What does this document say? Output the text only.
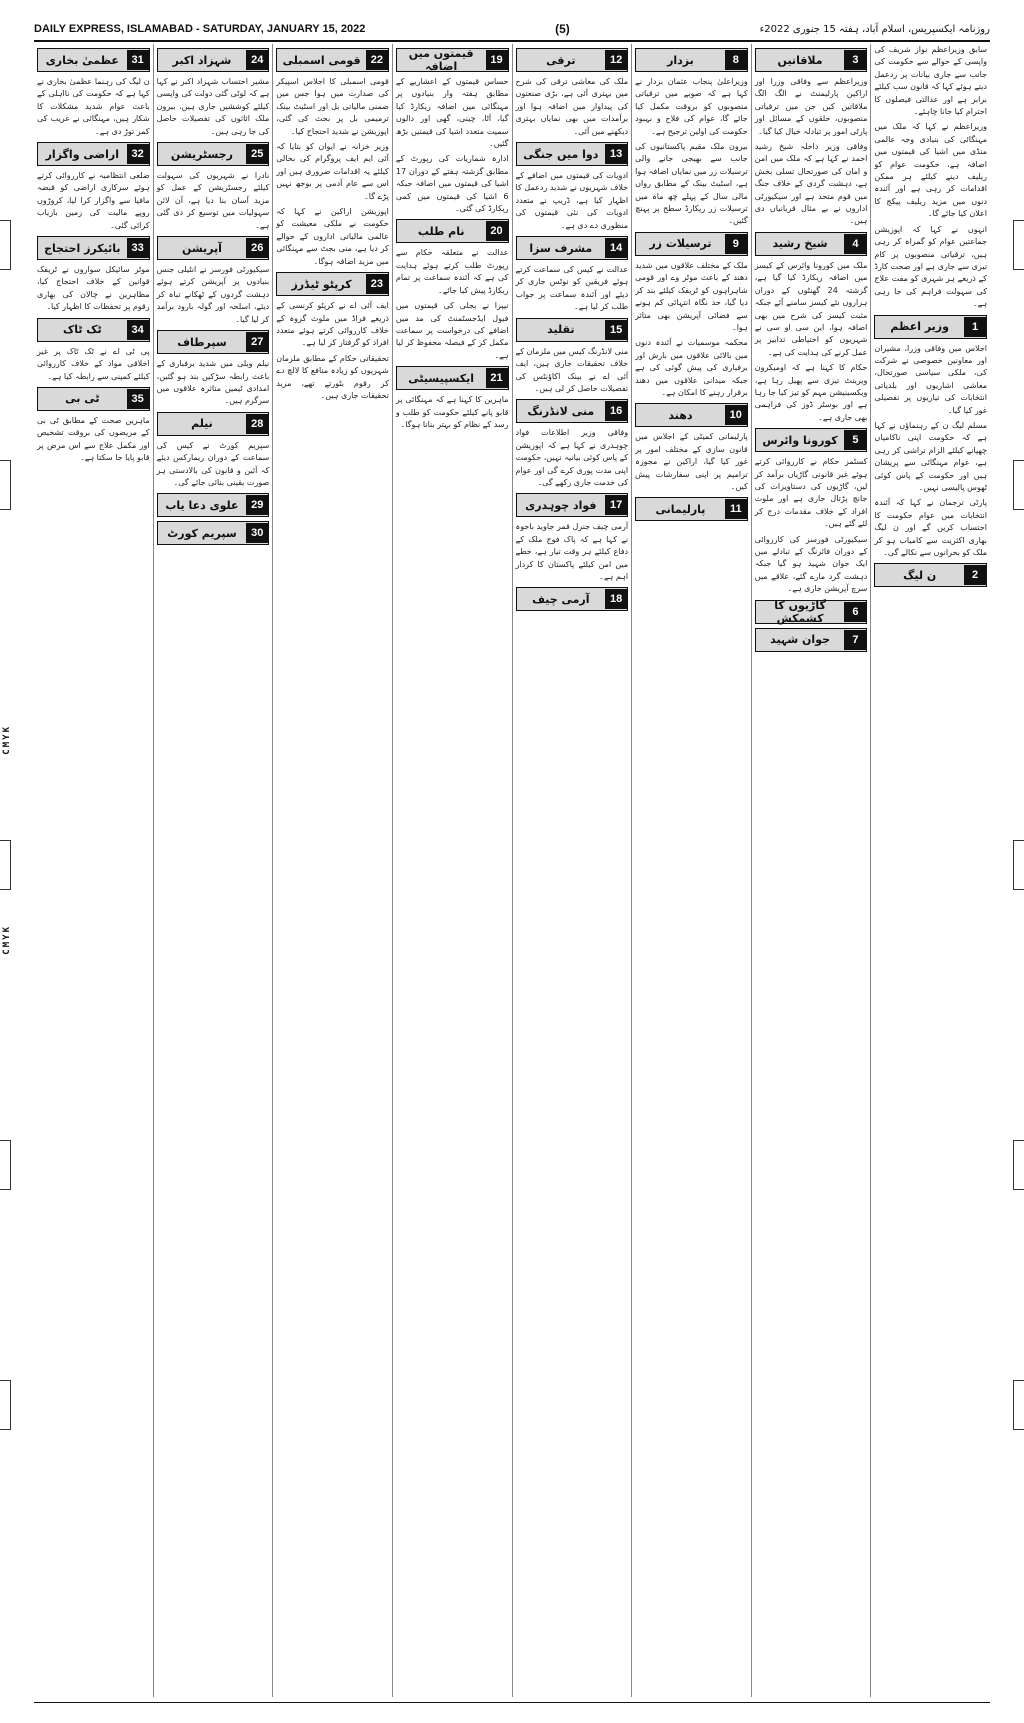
CMYK
CMYK
DAILY EXPRESS, ISLAMABAD - SATURDAY, JANUARY 15, 2022	(5)	روزنامہ ایکسپریس، اسلام آباد، ہفتہ 15 جنوری 2022ء

سابق وزیراعظم نواز شریف کی واپسی کے حوالے سے حکومت کی جانب سے جاری بیانات پر ردعمل دیتے ہوئے کہا کہ قانون سب کیلئے برابر ہے اور عدالتی فیصلوں کا احترام کیا جانا چاہئے۔

وزیراعظم نے کہا کہ ملک میں مہنگائی کی بنیادی وجہ عالمی منڈی میں اشیا کی قیمتوں میں اضافہ ہے، حکومت عوام کو ریلیف دینے کیلئے ہر ممکن اقدامات کر رہی ہے اور آئندہ دنوں میں مزید ریلیف پیکج کا اعلان کیا جائے گا۔

انہوں نے کہا کہ اپوزیشن جماعتیں عوام کو گمراہ کر رہی ہیں، ترقیاتی منصوبوں پر کام تیزی سے جاری ہے اور صحت کارڈ کے ذریعے ہر شہری کو مفت علاج کی سہولت فراہم کی جا رہی ہے۔

1
وزیر اعظم

اجلاس میں وفاقی وزرا، مشیران اور معاونین خصوصی نے شرکت کی، ملکی سیاسی صورتحال، معاشی اشاریوں اور بلدیاتی انتخابات کی تیاریوں پر تفصیلی غور کیا گیا۔

مسلم لیگ ن کے رہنماؤں نے کہا ہے کہ حکومت اپنی ناکامیاں چھپانے کیلئے الزام تراشی کر رہی ہے، عوام مہنگائی سے پریشان ہیں اور حکومت کے پاس کوئی ٹھوس پالیسی نہیں۔

پارٹی ترجمان نے کہا کہ آئندہ انتخابات میں عوام حکومت کا احتساب کریں گے اور ن لیگ بھاری اکثریت سے کامیاب ہو کر ملک کو بحرانوں سے نکالے گی۔

2
ن لیگ
3
ملاقاتیں

وزیراعظم سے وفاقی وزرا اور اراکین پارلیمنٹ نے الگ الگ ملاقاتیں کیں جن میں ترقیاتی منصوبوں، حلقوں کے مسائل اور پارٹی امور پر تبادلہ خیال کیا گیا۔

وفاقی وزیر داخلہ شیخ رشید احمد نے کہا ہے کہ ملک میں امن و امان کی صورتحال تسلی بخش ہے، دہشت گردی کے خلاف جنگ میں قوم متحد ہے اور سیکیورٹی اداروں نے بے مثال قربانیاں دی ہیں۔

4
شیخ رشید

ملک میں کورونا وائرس کے کیسز میں اضافہ ریکارڈ کیا گیا ہے، گزشتہ 24 گھنٹوں کے دوران ہزاروں نئے کیسز سامنے آئے جبکہ مثبت کیسز کی شرح میں بھی اضافہ ہوا، این سی او سی نے شہریوں کو احتیاطی تدابیر پر عمل کرنے کی ہدایت کی ہے۔

حکام کا کہنا ہے کہ اومیکرون ویرینٹ تیزی سے پھیل رہا ہے، ویکسینیشن مہم کو تیز کیا جا رہا ہے اور بوسٹر ڈوز کی فراہمی بھی جاری ہے۔

5
کورونا وائرس

کسٹمز حکام نے کارروائی کرتے ہوئے غیر قانونی گاڑیاں برآمد کر لیں، گاڑیوں کی دستاویزات کی جانچ پڑتال جاری ہے اور ملوث افراد کے خلاف مقدمات درج کر لئے گئے ہیں۔

سیکیورٹی فورسز کی کارروائی کے دوران فائرنگ کے تبادلے میں ایک جوان شہید ہو گیا جبکہ دہشت گرد مارے گئے، علاقے میں سرچ آپریشن جاری ہے۔

6
گاڑیوں کا کشمکش
7
جوان شہید
8
بزدار

وزیراعلیٰ پنجاب عثمان بزدار نے کہا ہے کہ صوبے میں ترقیاتی منصوبوں کو بروقت مکمل کیا جائے گا، عوام کی فلاح و بہبود حکومت کی اولین ترجیح ہے۔

بیرون ملک مقیم پاکستانیوں کی جانب سے بھیجی جانے والی ترسیلات زر میں نمایاں اضافہ ہوا ہے، اسٹیٹ بینک کے مطابق رواں مالی سال کے پہلے چھ ماہ میں ترسیلات زر ریکارڈ سطح پر پہنچ گئیں۔

9
ترسیلات زر

ملک کے مختلف علاقوں میں شدید دھند کے باعث موٹر وے اور قومی شاہراہوں کو ٹریفک کیلئے بند کر دیا گیا، حد نگاہ انتہائی کم ہونے سے فضائی آپریشن بھی متاثر ہوا۔

محکمہ موسمیات نے آئندہ دنوں میں بالائی علاقوں میں بارش اور برفباری کی پیش گوئی کی ہے جبکہ میدانی علاقوں میں دھند برقرار رہنے کا امکان ہے۔

10
دھند

پارلیمانی کمیٹی کے اجلاس میں قانون سازی کے مختلف امور پر غور کیا گیا، اراکین نے مجوزہ ترامیم پر اپنی سفارشات پیش کیں۔

11
پارلیمانی
12
ترقی

ملک کی معاشی ترقی کی شرح میں بہتری آئی ہے، بڑی صنعتوں کی پیداوار میں اضافہ ہوا اور برآمدات میں بھی نمایاں بہتری دیکھنے میں آئی۔

13
دوا میں جنگی

ادویات کی قیمتوں میں اضافے کے خلاف شہریوں نے شدید ردعمل کا اظہار کیا ہے، ڈریپ نے متعدد ادویات کی نئی قیمتوں کی منظوری دے دی ہے۔

14
مشرف سزا

عدالت نے کیس کی سماعت کرتے ہوئے فریقین کو نوٹس جاری کر دیئے اور آئندہ سماعت پر جواب طلب کر لیا ہے۔

15
تقلید

منی لانڈرنگ کیس میں ملزمان کے خلاف تحقیقات جاری ہیں، ایف آئی اے نے بینک اکاؤنٹس کی تفصیلات حاصل کر لی ہیں۔

16
منی لانڈرنگ

وفاقی وزیر اطلاعات فواد چوہدری نے کہا ہے کہ اپوزیشن کے پاس کوئی بیانیہ نہیں، حکومت اپنی مدت پوری کرے گی اور عوام کی خدمت جاری رکھے گی۔

17
فواد چوہدری

آرمی چیف جنرل قمر جاوید باجوہ نے کہا ہے کہ پاک فوج ملک کے دفاع کیلئے ہر وقت تیار ہے، خطے میں امن کیلئے پاکستان کا کردار اہم ہے۔

18
آرمی چیف
19
قیمتوں میں اضافہ

حساس قیمتوں کے اعشاریے کے مطابق ہفتہ وار بنیادوں پر مہنگائی میں اضافہ ریکارڈ کیا گیا، آٹا، چینی، گھی اور دالوں سمیت متعدد اشیا کی قیمتیں بڑھ گئیں۔

ادارہ شماریات کی رپورٹ کے مطابق گزشتہ ہفتے کے دوران 17 اشیا کی قیمتوں میں اضافہ جبکہ 6 اشیا کی قیمتوں میں کمی ریکارڈ کی گئی۔

20
نام طلب

عدالت نے متعلقہ حکام سے رپورٹ طلب کرتے ہوئے ہدایت کی ہے کہ آئندہ سماعت پر تمام ریکارڈ پیش کیا جائے۔

نیپرا نے بجلی کی قیمتوں میں فیول ایڈجسٹمنٹ کی مد میں اضافے کی درخواست پر سماعت مکمل کر کے فیصلہ محفوظ کر لیا ہے۔

21
ایکسپیسیٹی

ماہرین کا کہنا ہے کہ مہنگائی پر قابو پانے کیلئے حکومت کو طلب و رسد کے نظام کو بہتر بنانا ہوگا۔

22
قومی اسمبلی

قومی اسمبلی کا اجلاس اسپیکر کی صدارت میں ہوا جس میں ضمنی مالیاتی بل اور اسٹیٹ بینک ترمیمی بل پر بحث کی گئی، اپوزیشن نے شدید احتجاج کیا۔

وزیر خزانہ نے ایوان کو بتایا کہ آئی ایم ایف پروگرام کی بحالی کیلئے یہ اقدامات ضروری ہیں اور اس سے عام آدمی پر بوجھ نہیں پڑے گا۔

اپوزیشن اراکین نے کہا کہ حکومت نے ملکی معیشت کو عالمی مالیاتی اداروں کے حوالے کر دیا ہے، منی بجٹ سے مہنگائی میں مزید اضافہ ہوگا۔

23
کرپٹو ٹیڈرز

ایف آئی اے نے کرپٹو کرنسی کے ذریعے فراڈ میں ملوث گروہ کے خلاف کارروائی کرتے ہوئے متعدد افراد کو گرفتار کر لیا ہے۔

تحقیقاتی حکام کے مطابق ملزمان شہریوں کو زیادہ منافع کا لالچ دے کر رقوم بٹورتے تھے، مزید تحقیقات جاری ہیں۔

24
شہزاد اکبر

مشیر احتساب شہزاد اکبر نے کہا ہے کہ لوٹی گئی دولت کی واپسی کیلئے کوششیں جاری ہیں، بیرون ملک اثاثوں کی تفصیلات حاصل کی جا رہی ہیں۔

25
رجسٹریشن

نادرا نے شہریوں کی سہولت کیلئے رجسٹریشن کے عمل کو مزید آسان بنا دیا ہے، آن لائن سہولیات میں توسیع کر دی گئی ہے۔

26
آپریشن

سیکیورٹی فورسز نے انٹیلی جنس بنیادوں پر آپریشن کرتے ہوئے دہشت گردوں کے ٹھکانے تباہ کر دیئے، اسلحہ اور گولہ بارود برآمد کر لیا گیا۔

27
سپرطاف

نیلم ویلی میں شدید برفباری کے باعث رابطہ سڑکیں بند ہو گئیں، امدادی ٹیمیں متاثرہ علاقوں میں سرگرم ہیں۔

28
نیلم

سپریم کورٹ نے کیس کی سماعت کے دوران ریمارکس دیئے کہ آئین و قانون کی بالادستی ہر صورت یقینی بنائی جائے گی۔

29
علوی دعا یاب
30
سپریم کورٹ
31
عظمیٰ بخاری

ن لیگ کی رہنما عظمیٰ بخاری نے کہا ہے کہ حکومت کی نااہلی کے باعث عوام شدید مشکلات کا شکار ہیں، مہنگائی نے غریب کی کمر توڑ دی ہے۔

32
اراضی واگزار

ضلعی انتظامیہ نے کارروائی کرتے ہوئے سرکاری اراضی کو قبضہ مافیا سے واگزار کرا لیا، کروڑوں روپے مالیت کی زمین بازیاب کرائی گئی۔

33
بائیکرز احتجاج

موٹر سائیکل سواروں نے ٹریفک قوانین کے خلاف احتجاج کیا، مظاہرین نے چالان کی بھاری رقوم پر تحفظات کا اظہار کیا۔

34
ٹک ٹاک

پی ٹی اے نے ٹک ٹاک پر غیر اخلاقی مواد کے خلاف کارروائی کیلئے کمپنی سے رابطہ کیا ہے۔

35
ٹی بی

ماہرین صحت کے مطابق ٹی بی کے مریضوں کی بروقت تشخیص اور مکمل علاج سے اس مرض پر قابو پایا جا سکتا ہے۔
